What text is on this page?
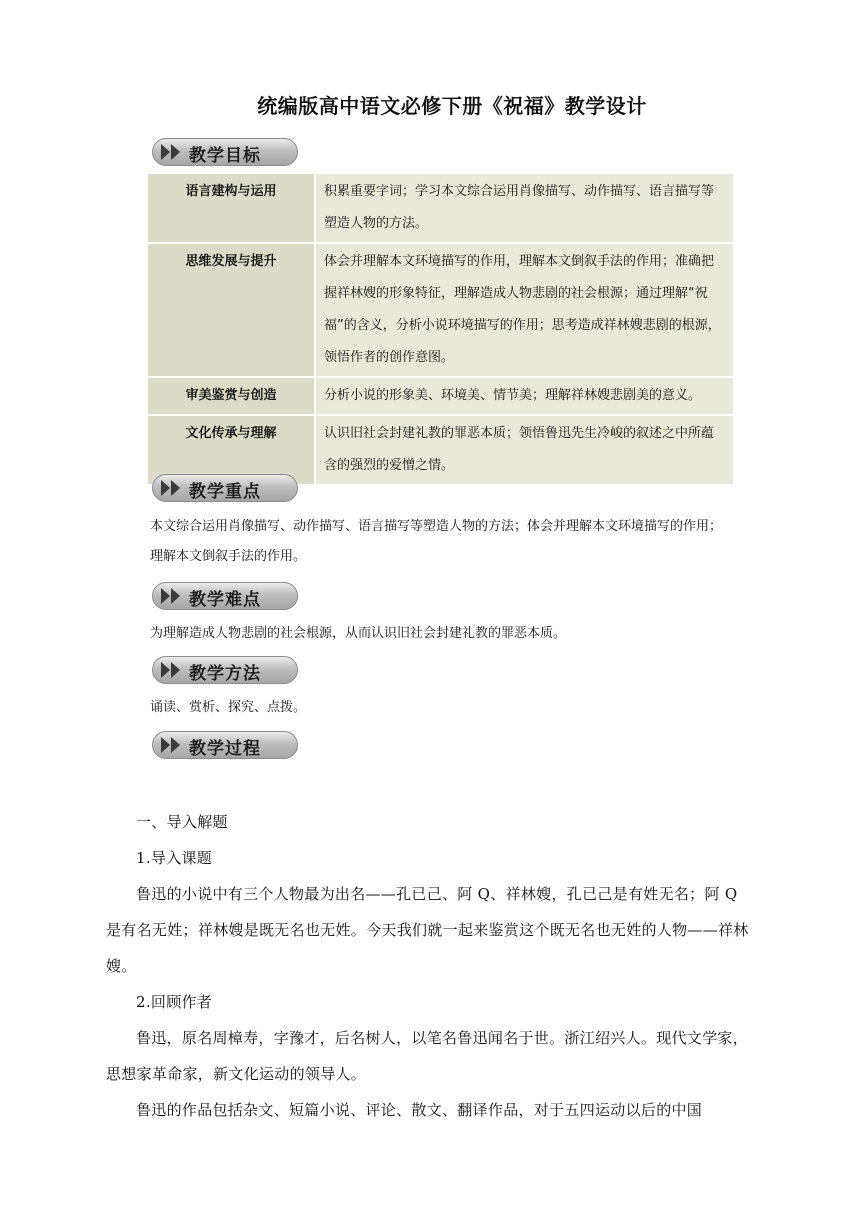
统编版高中语文必修下册《祝福》教学设计
教学目标
语言建构与运用	积累重要字词；学习本文综合运用肖像描写、动作描写、语言描写等塑造人物的方法。
思维发展与提升	体会并理解本文环境描写的作用，理解本文倒叙手法的作用；准确把握祥林嫂的形象特征，理解造成人物悲剧的社会根源；通过理解“祝福”的含义，分析小说环境描写的作用；思考造成祥林嫂悲剧的根源，领悟作者的创作意图。
审美鉴赏与创造	分析小说的形象美、环境美、情节美；理解祥林嫂悲剧美的意义。
文化传承与理解	认识旧社会封建礼教的罪恶本质；领悟鲁迅先生冷峻的叙述之中所蕴含的强烈的爱憎之情。
教学重点
本文综合运用肖像描写、动作描写、语言描写等塑造人物的方法；体会并理解本文环境描写的作用；理解本文倒叙手法的作用。
教学难点
为理解造成人物悲剧的社会根源，从而认识旧社会封建礼教的罪恶本质。
教学方法
诵读、赏析、探究、点拨。
教学过程

一、导入解题

1.导入课题

鲁迅的小说中有三个人物最为出名——孔已己、阿 Q、祥林嫂，孔已己是有姓无名；阿 Q 是有名无姓；祥林嫂是既无名也无姓。今天我们就一起来鉴赏这个既无名也无姓的人物——祥林嫂。

2.回顾作者

鲁迅，原名周樟寿，字豫才，后名树人，以笔名鲁迅闻名于世。浙江绍兴人。现代文学家，思想家革命家，新文化运动的领导人。

鲁迅的作品包括杂文、短篇小说、评论、散文、翻译作品，对于五四运动以后的中国
